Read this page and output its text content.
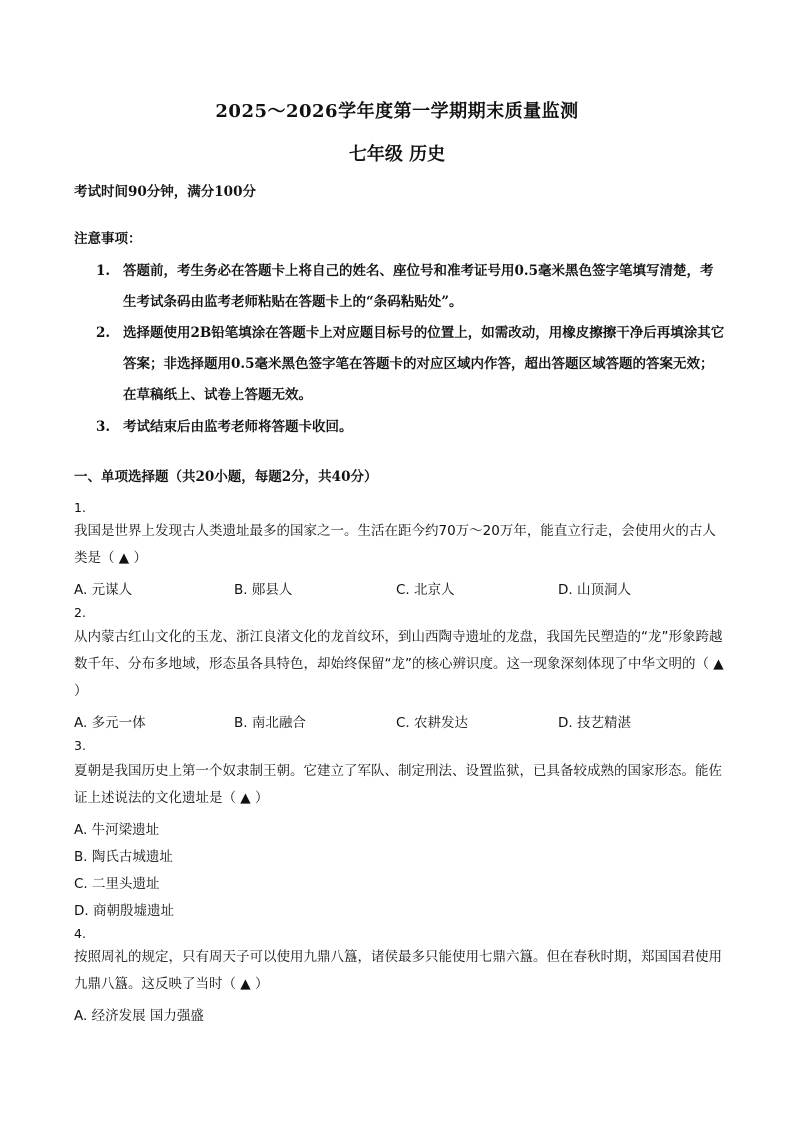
2025～2026学年度第一学期期末质量监测
七年级 历史
考试时间90分钟，满分100分
注意事项：
1. 答题前，考生务必在答题卡上将自己的姓名、座位号和准考证号用0.5毫米黑色签字笔填写清楚，考生考试条码由监考老师粘贴在答题卡上的“条码粘贴处”。
2. 选择题使用2B铅笔填涂在答题卡上对应题目标号的位置上，如需改动，用橡皮擦擦干净后再填涂其它答案；非选择题用0.5毫米黑色签字笔在答题卡的对应区域内作答，超出答题区域答题的答案无效；在草稿纸上、试卷上答题无效。
3. 考试结束后由监考老师将答题卡收回。
一、单项选择题（共20小题，每题2分，共40分）
1.
我国是世界上发现古人类遗址最多的国家之一。生活在距今约70万～20万年，能直立行走，会使用火的古人类是（ ▲ ）
A. 元谋人	B. 郧县人	C. 北京人	D. 山顶洞人
2.
从内蒙古红山文化的玉龙、浙江良渚文化的龙首纹环，到山西陶寺遗址的龙盘，我国先民塑造的“龙”形象跨越数千年、分布多地域，形态虽各具特色，却始终保留“龙”的核心辨识度。这一现象深刻体现了中华文明的（ ▲ ）
A. 多元一体	B. 南北融合	C. 农耕发达	D. 技艺精湛
3.
夏朝是我国历史上第一个奴隶制王朝。它建立了军队、制定刑法、设置监狱，已具备较成熟的国家形态。能佐证上述说法的文化遗址是（ ▲ ）
A. 牛河梁遗址
B. 陶氏古城遗址
C. 二里头遗址
D. 商朝殷墟遗址
4.
按照周礼的规定，只有周天子可以使用九鼎八簋，诸侯最多只能使用七鼎六簋。但在春秋时期，郑国国君使用九鼎八簋。这反映了当时（ ▲ ）
A. 经济发展 国力强盛
